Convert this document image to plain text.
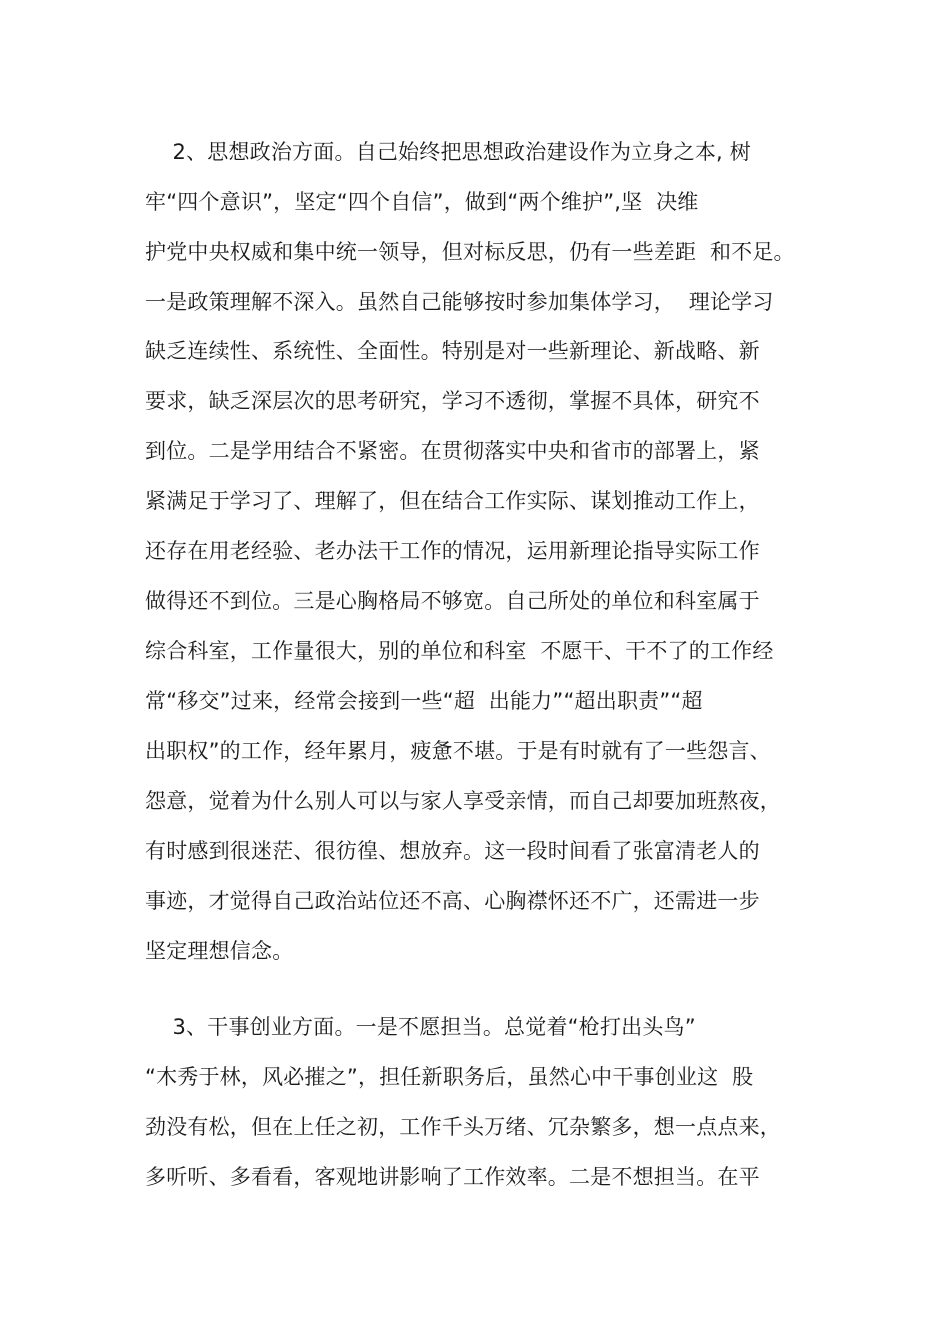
2、思想政治方面。自己始终把思想政治建设作为立身之本, 树
牢“四个意识”，坚定“四个自信”，做到“两个维护”,坚  决维
护党中央权威和集中统一领导，但对标反思，仍有一些差距  和不足。
一是政策理解不深入。虽然自己能够按时参加集体学习，  理论学习
缺乏连续性、系统性、全面性。特别是对一些新理论、新战略、新
要求，缺乏深层次的思考研究，学习不透彻，掌握不具体，研究不
到位。二是学用结合不紧密。在贯彻落实中央和省市的部署上，紧
紧满足于学习了、理解了，但在结合工作实际、谋划推动工作上，
还存在用老经验、老办法干工作的情况，运用新理论指导实际工作
做得还不到位。三是心胸格局不够宽。自己所处的单位和科室属于
综合科室，工作量很大，别的单位和科室  不愿干、干不了的工作经
常“移交”过来，经常会接到一些“超  出能力”“超出职责”“超
出职权”的工作，经年累月，疲惫不堪。于是有时就有了一些怨言、
怨意，觉着为什么别人可以与家人享受亲情，而自己却要加班熬夜，
有时感到很迷茫、很彷徨、想放弃。这一段时间看了张富清老人的
事迹，才觉得自己政治站位还不高、心胸襟怀还不广，还需进一步
坚定理想信念。
3、干事创业方面。一是不愿担当。总觉着“枪打出头鸟”
“木秀于林，风必摧之”，担任新职务后，虽然心中干事创业这  股
劲没有松，但在上任之初，工作千头万绪、冗杂繁多，想一点点来，
多听听、多看看，客观地讲影响了工作效率。二是不想担当。在平
